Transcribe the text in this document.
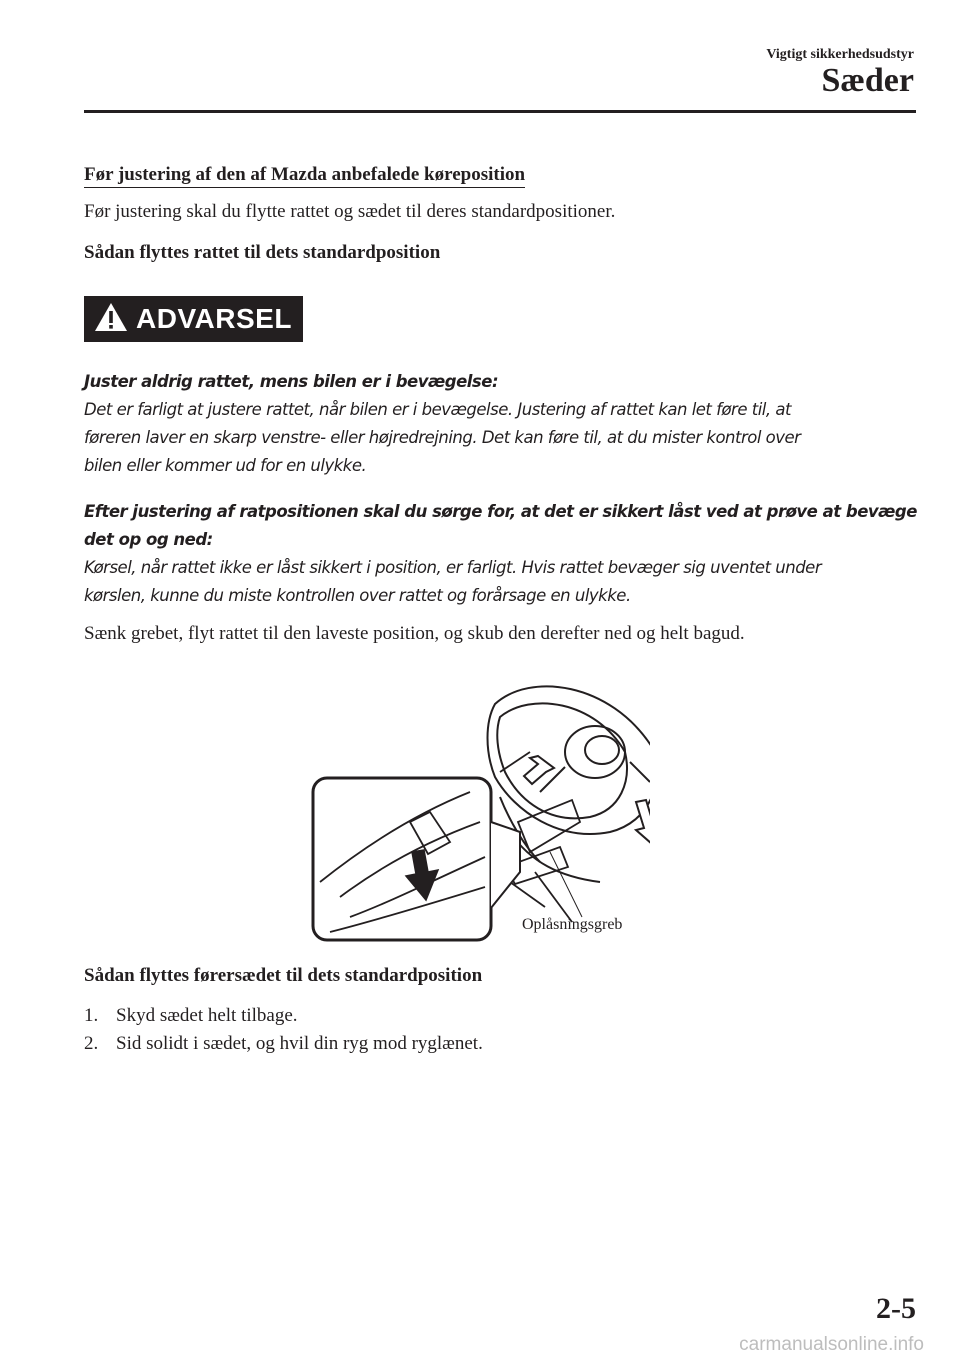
Vigtigt sikkerhedsudstyr
Sæder
Før justering af den af Mazda anbefalede køreposition
Før justering skal du flytte rattet og sædet til deres standardpositioner.
Sådan flyttes rattet til dets standardposition
ADVARSEL
Juster aldrig rattet, mens bilen er i bevægelse:
Det er farligt at justere rattet, når bilen er i bevægelse. Justering af rattet kan let føre til, at
føreren laver en skarp venstre- eller højredrejning. Det kan føre til, at du mister kontrol over
bilen eller kommer ud for en ulykke.
Efter justering af ratpositionen skal du sørge for, at det er sikkert låst ved at prøve at bevæge
det op og ned:
Kørsel, når rattet ikke er låst sikkert i position, er farligt. Hvis rattet bevæger sig uventet under
kørslen, kunne du miste kontrollen over rattet og forårsage en ulykke.
Sænk grebet, flyt rattet til den laveste position, og skub den derefter ned og helt bagud.
Oplåsningsgreb
Sådan flyttes førersædet til dets standardposition
1. Skyd sædet helt tilbage.
2. Sid solidt i sædet, og hvil din ryg mod ryglænet.
2-5
carmanualsonline.info
